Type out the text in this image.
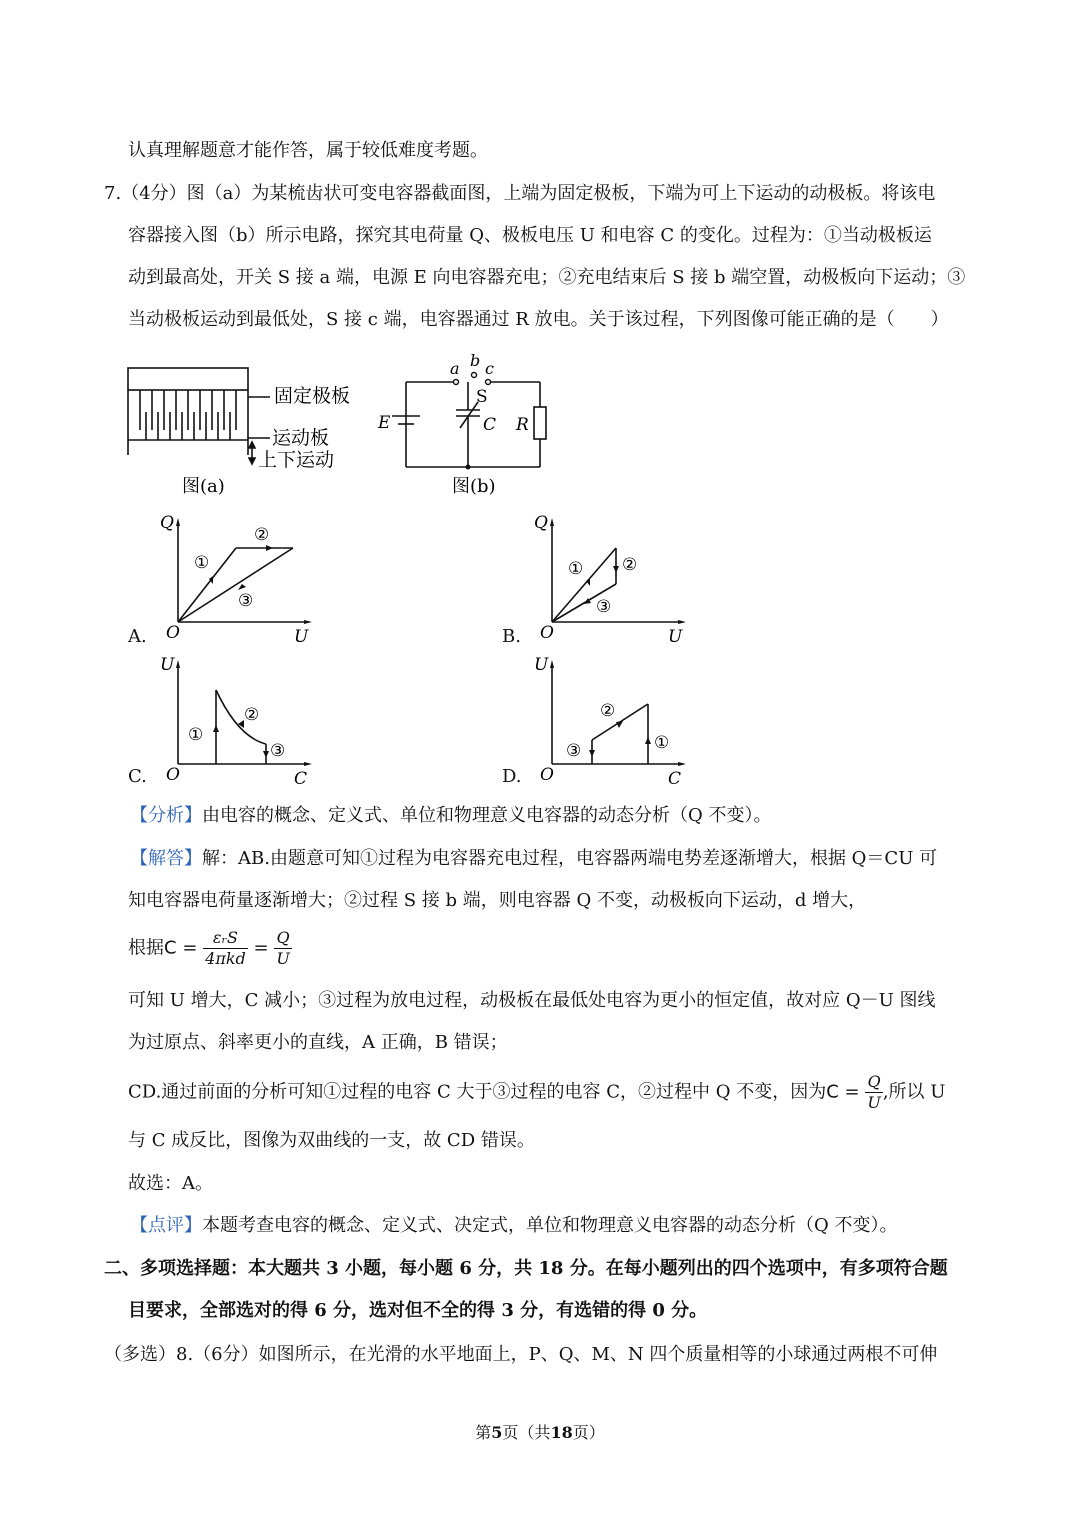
认真理解题意才能作答，属于较低难度考题。
7.（4分）图（a）为某梳齿状可变电容器截面图，上端为固定极板，下端为可上下运动的动极板。将该电
容器接入图（b）所示电路，探究其电荷量 Q、极板电压 U 和电容 C 的变化。过程为：①当动极板运
动到最高处，开关 S 接 a 端，电源 E 向电容器充电；②充电结束后 S 接 b 端空置，动极板向下运动；③
当动极板运动到最低处，S 接 c 端，电容器通过 R 放电。关于该过程，下列图像可能正确的是（　　）
固定极板
运动板
上下运动
图(a)
a b c
S
E	C R
图(b)
A.
Q
U
O
①
②
③
B.
Q
U
O
① ②
③
C.
U
C
O
①
②
③
D.
U
C
O
①
②
③
【分析】由电容的概念、定义式、单位和物理意义电容器的动态分析（Q 不变）。
【解答】解：AB.由题意可知①过程为电容器充电过程，电容器两端电势差逐渐增大，根据 Q＝CU 可
知电容器电荷量逐渐增大；②过程 S 接 b 端，则电容器 Q 不变，动极板向下运动，d 增大，
根据$C = \frac{\text{εᵣS}}{\text{4πkd}} = \frac{Q}{U}$
可知 U 增大，C 减小；③过程为放电过程，动极板在最低处电容为更小的恒定值，故对应 Q－U 图线
为过原点、斜率更小的直线，A 正确，B 错误；
CD.通过前面的分析可知①过程的电容 C 大于③过程的电容 C，②过程中 Q 不变，因为$C = \frac{Q}{U}$ ,所以 U
与 C 成反比，图像为双曲线的一支，故 CD 错误。
故选：A。
【点评】本题考查电容的概念、定义式、决定式，单位和物理意义电容器的动态分析（Q 不变）。
二、多项选择题：本大题共 3 小题，每小题 6 分，共 18 分。在每小题列出的四个选项中，有多项符合题
目要求，全部选对的得 6 分，选对但不全的得 3 分，有选错的得 0 分。
（多选）8.（6分）如图所示，在光滑的水平地面上，P、Q、M、N 四个质量相等的小球通过两根不可伸
第5页（共18页）
